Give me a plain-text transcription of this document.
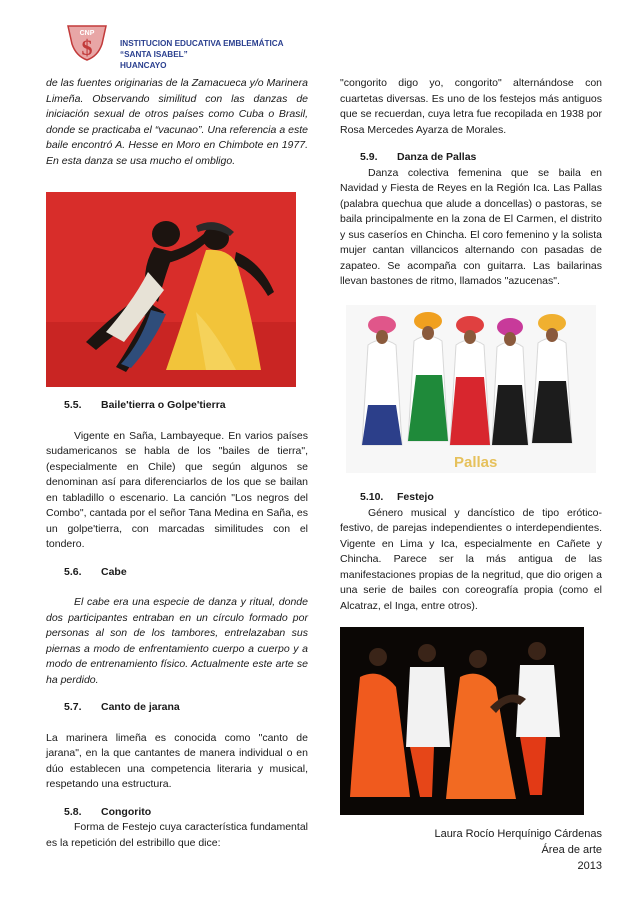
CNP
$	INSTITUCION EDUCATIVA EMBLEMÁTICA
“SANTA ISABEL”
HUANCAYO

de las fuentes originarias de la Zamacueca y/o Marinera Limeña. Observando similitud con las danzas de iniciación sexual de otros países como Cuba o Brasil, donde se practicaba el “vacunao”. Una referencia a este baile encontró A. Hesse en Moro en Chimbote en 1977. En esta danza se usa mucho el ombligo.

5.5. Baile'tierra o Golpe'tierra

Vigente en Saña, Lambayeque. En varios países sudamericanos se habla de los "bailes de tierra", (especialmente en Chile) que según algunos se denominan así para diferenciarlos de los que se bailan en tabladillo o escenario. La canción "Los negros del Combo", cantada por el señor Tana Medina en Saña, es un golpe'tierra, con marcadas similitudes con el tondero.

5.6. Cabe

El cabe era una especie de danza y ritual, donde dos participantes entraban en un círculo formado por personas al son de los tambores, entrelazaban sus piernas a modo de enfrentamiento cuerpo a cuerpo y a modo de entrenamiento físico. Actualmente este arte se ha perdido.

5.7. Canto de jarana

La marinera limeña es conocida como "canto de jarana", en la que cantantes de manera individual o en dúo establecen una competencia literaria y musical, respetando una estructura.

5.8. Congorito

Forma de Festejo cuya característica fundamental es la repetición del estribillo que dice:

"congorito digo yo, congorito" alternándose con cuartetas diversas. Es uno de los festejos más antiguos que se recuerdan, cuya letra fue recopilada en 1938 por Rosa Mercedes Ayarza de Morales.

5.9. Danza de Pallas

Danza colectiva femenina que se baila en Navidad y Fiesta de Reyes en la Región Ica. Las Pallas (palabra quechua que alude a doncellas) o pastoras, se baila principalmente en la zona de El Carmen, el distrito y sus caseríos en Chincha. El coro femenino y la solista mujer cantan villancicos alternando con pasadas de zapateo. Se acompaña con guitarra. Las bailarinas llevan bastones de ritmo, llamados "azucenas".

Pallas
5.10. Festejo

Género musical y dancístico de tipo erótico-festivo, de parejas independientes o interdependientes. Vigente en Lima y Ica, especialmente en Cañete y Chincha. Parece ser la más antigua de las manifestaciones propias de la negritud, que dio origen a una serie de bailes con coreografía propia (como el Alcatraz, el Inga, entre otros).

Laura Rocío Herquínigo Cárdenas
Área de arte
2013
